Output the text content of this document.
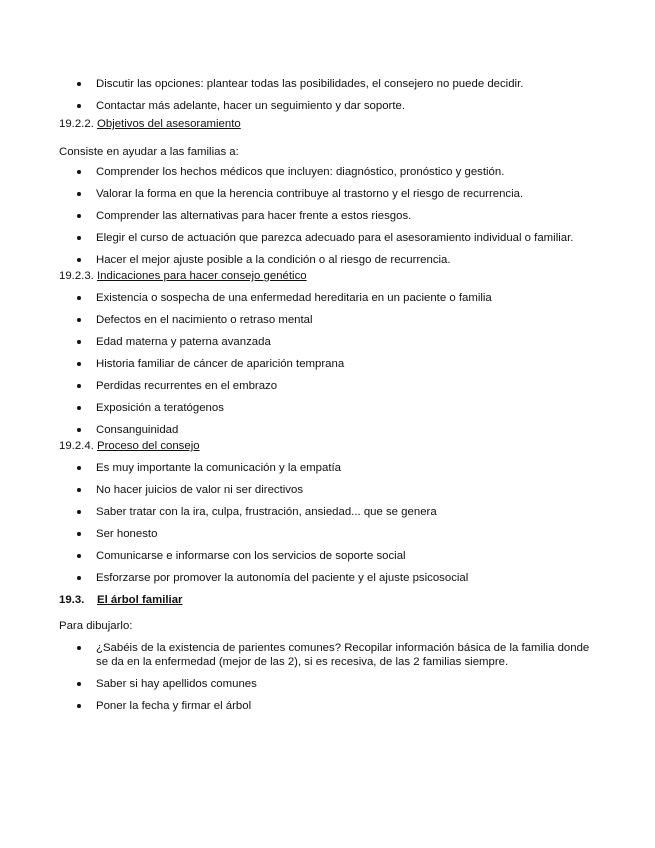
Discutir las opciones: plantear todas las posibilidades, el consejero no puede decidir.
Contactar más adelante, hacer un seguimiento y dar soporte.
19.2.2. Objetivos del asesoramiento
Consiste en ayudar a las familias a:
Comprender los hechos médicos que incluyen: diagnóstico, pronóstico y gestión.
Valorar la forma en que la herencia contribuye al trastorno y el riesgo de recurrencia.
Comprender las alternativas para hacer frente a estos riesgos.
Elegir el curso de actuación que parezca adecuado para el asesoramiento individual o familiar.
Hacer el mejor ajuste posible a la condición o al riesgo de recurrencia.
19.2.3. Indicaciones para hacer consejo genético
Existencia o sospecha de una enfermedad hereditaria en un paciente o familia
Defectos en el nacimiento o retraso mental
Edad materna y paterna avanzada
Historia familiar de cáncer de aparición temprana
Perdidas recurrentes en el embrazo
Exposición a teratógenos
Consanguinidad
19.2.4. Proceso del consejo
Es muy importante la comunicación y la empatía
No hacer juicios de valor ni ser directivos
Saber tratar con la ira, culpa, frustración, ansiedad... que se genera
Ser honesto
Comunicarse e informarse con los servicios de soporte social
Esforzarse por promover la autonomía del paciente y el ajuste psicosocial
19.3. El árbol familiar
Para dibujarlo:
¿Sabéis de la existencia de parientes comunes? Recopilar información básica de la familia donde se da en la enfermedad (mejor de las 2), si es recesiva, de las 2 familias siempre.
Saber si hay apellidos comunes
Poner la fecha y firmar el árbol
